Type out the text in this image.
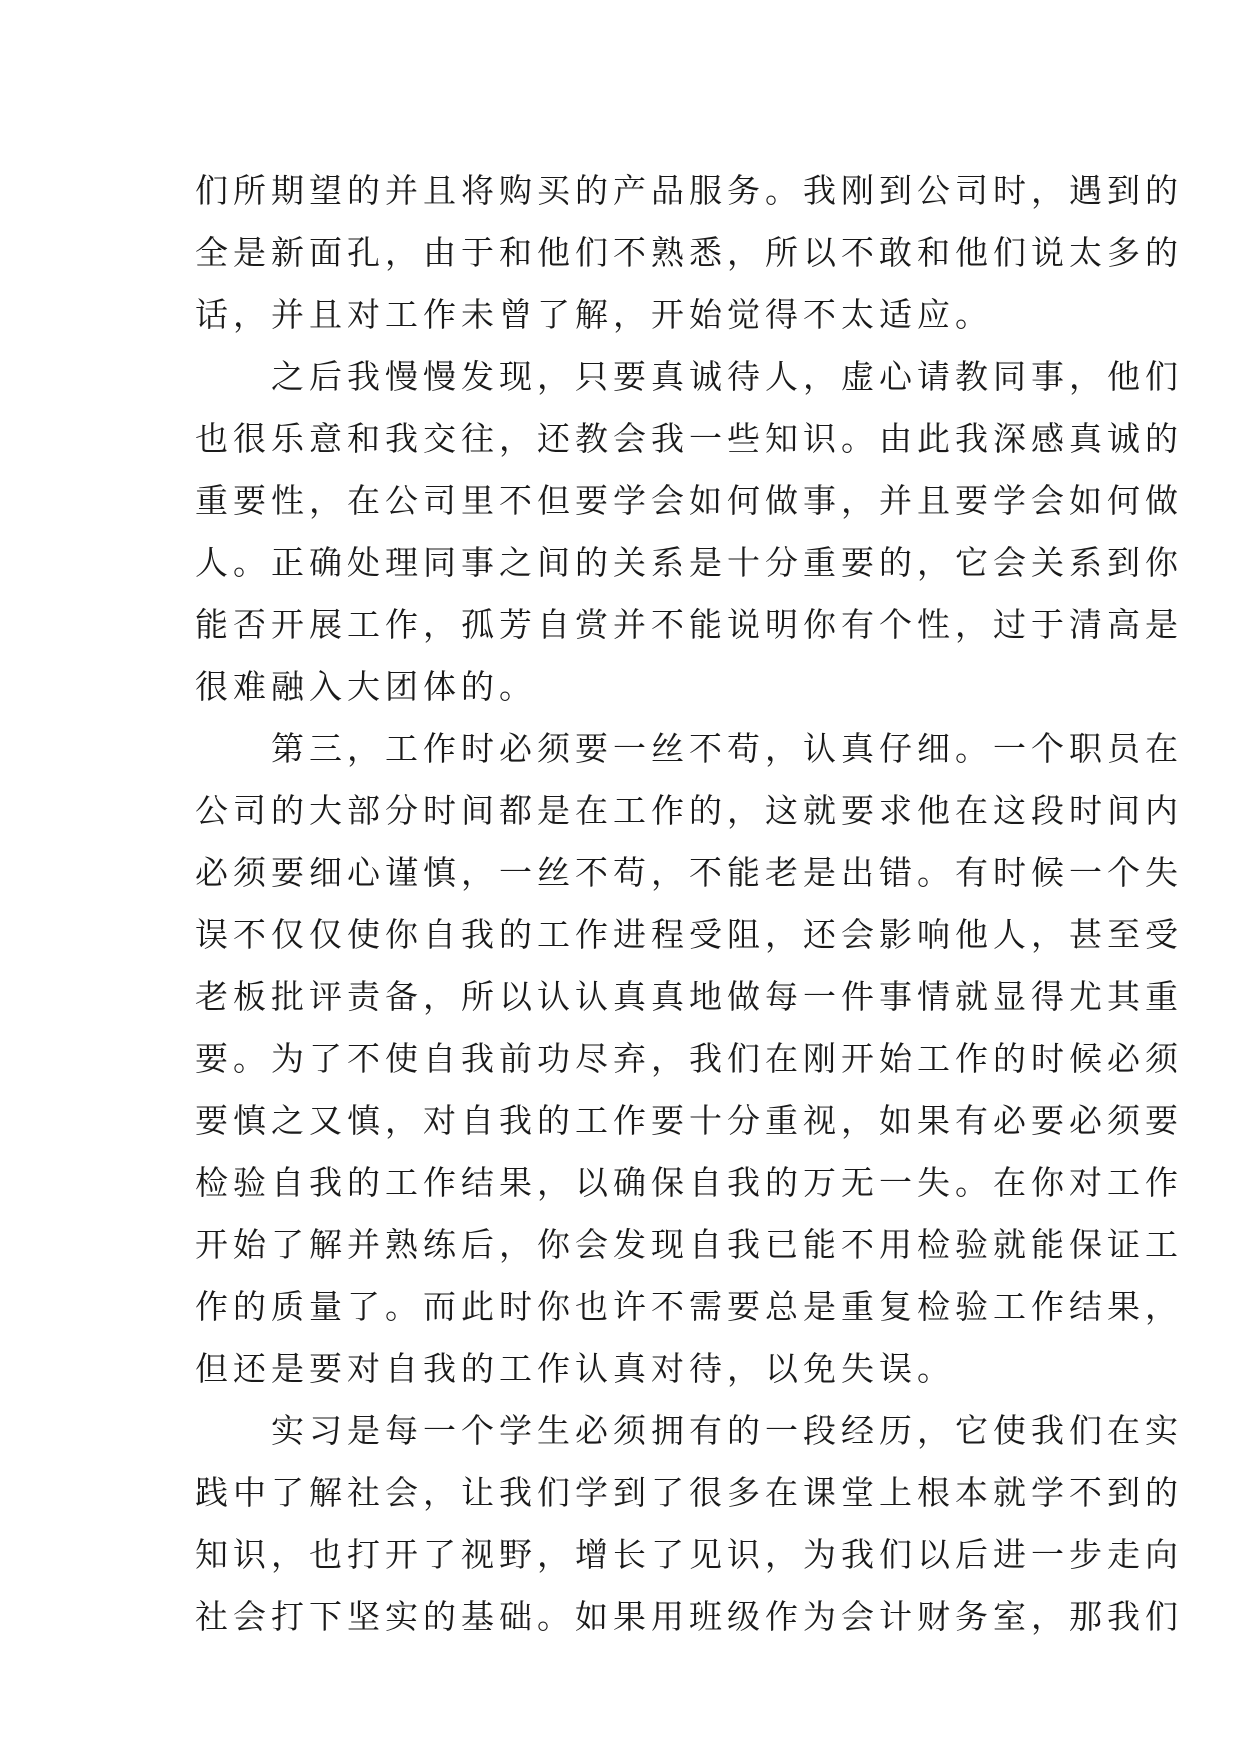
们所期望的并且将购买的产品服务。我刚到公司时，遇到的
全是新面孔，由于和他们不熟悉，所以不敢和他们说太多的
话，并且对工作未曾了解，开始觉得不太适应。
　　之后我慢慢发现，只要真诚待人，虚心请教同事，他们
也很乐意和我交往，还教会我一些知识。由此我深感真诚的
重要性，在公司里不但要学会如何做事，并且要学会如何做
人。正确处理同事之间的关系是十分重要的，它会关系到你
能否开展工作，孤芳自赏并不能说明你有个性，过于清高是
很难融入大团体的。
　　第三，工作时必须要一丝不苟，认真仔细。一个职员在
公司的大部分时间都是在工作的，这就要求他在这段时间内
必须要细心谨慎，一丝不苟，不能老是出错。有时候一个失
误不仅仅使你自我的工作进程受阻，还会影响他人，甚至受
老板批评责备，所以认认真真地做每一件事情就显得尤其重
要。为了不使自我前功尽弃，我们在刚开始工作的时候必须
要慎之又慎，对自我的工作要十分重视，如果有必要必须要
检验自我的工作结果，以确保自我的万无一失。在你对工作
开始了解并熟练后，你会发现自我已能不用检验就能保证工
作的质量了。而此时你也许不需要总是重复检验工作结果，
但还是要对自我的工作认真对待，以免失误。
　　实习是每一个学生必须拥有的一段经历，它使我们在实
践中了解社会，让我们学到了很多在课堂上根本就学不到的
知识，也打开了视野，增长了见识，为我们以后进一步走向
社会打下坚实的基础。如果用班级作为会计财务室，那我们
